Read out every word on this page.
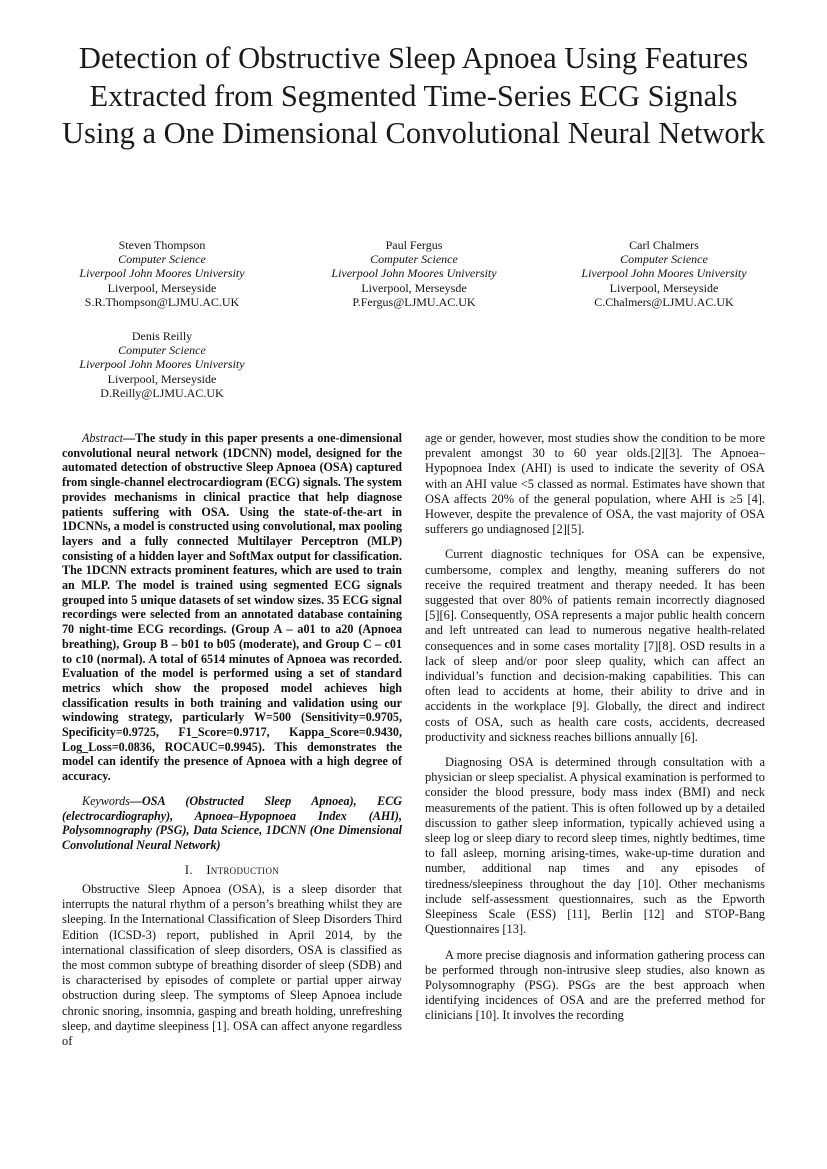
Detection of Obstructive Sleep Apnoea Using Features Extracted from Segmented Time-Series ECG Signals Using a One Dimensional Convolutional Neural Network
Steven Thompson
Computer Science
Liverpool John Moores University
Liverpool, Merseyside
S.R.Thompson@LJMU.AC.UK
Paul Fergus
Computer Science
Liverpool John Moores University
Liverpool, Merseysde
P.Fergus@LJMU.AC.UK
Carl Chalmers
Computer Science
Liverpool John Moores University
Liverpool, Merseyside
C.Chalmers@LJMU.AC.UK
Denis Reilly
Computer Science
Liverpool John Moores University
Liverpool, Merseyside
D.Reilly@LJMU.AC.UK

Abstract—The study in this paper presents a one-dimensional convolutional neural network (1DCNN) model, designed for the automated detection of obstructive Sleep Apnoea (OSA) captured from single-channel electrocardiogram (ECG) signals. The system provides mechanisms in clinical practice that help diagnose patients suffering with OSA. Using the state-of-the-art in 1DCNNs, a model is constructed using convolutional, max pooling layers and a fully connected Multilayer Perceptron (MLP) consisting of a hidden layer and SoftMax output for classification. The 1DCNN extracts prominent features, which are used to train an MLP. The model is trained using segmented ECG signals grouped into 5 unique datasets of set window sizes. 35 ECG signal recordings were selected from an annotated database containing 70 night-time ECG recordings. (Group A – a01 to a20 (Apnoea breathing), Group B – b01 to b05 (moderate), and Group C – c01 to c10 (normal). A total of 6514 minutes of Apnoea was recorded. Evaluation of the model is performed using a set of standard metrics which show the proposed model achieves high classification results in both training and validation using our windowing strategy, particularly W=500 (Sensitivity=0.9705, Specificity=0.9725, F1_Score=0.9717, Kappa_Score=0.9430, Log_Loss=0.0836, ROCAUC=0.9945). This demonstrates the model can identify the presence of Apnoea with a high degree of accuracy.

Keywords—OSA (Obstructed Sleep Apnoea), ECG (electrocardiography), Apnoea–Hypopnoea Index (AHI), Polysomnography (PSG), Data Science, 1DCNN (One Dimensional Convolutional Neural Network)

I. Introduction

Obstructive Sleep Apnoea (OSA), is a sleep disorder that interrupts the natural rhythm of a person’s breathing whilst they are sleeping. In the International Classification of Sleep Disorders Third Edition (ICSD-3) report, published in April 2014, by the international classification of sleep disorders, OSA is classified as the most common subtype of breathing disorder of sleep (SDB) and is characterised by episodes of complete or partial upper airway obstruction during sleep. The symptoms of Sleep Apnoea include chronic snoring, insomnia, gasping and breath holding, unrefreshing sleep, and daytime sleepiness [1]. OSA can affect anyone regardless of

age or gender, however, most studies show the condition to be more prevalent amongst 30 to 60 year olds.[2][3]. The Apnoea–Hypopnoea Index (AHI) is used to indicate the severity of OSA with an AHI value <5 classed as normal. Estimates have shown that OSA affects 20% of the general population, where AHI is ≥5 [4]. However, despite the prevalence of OSA, the vast majority of OSA sufferers go undiagnosed [2][5].

Current diagnostic techniques for OSA can be expensive, cumbersome, complex and lengthy, meaning sufferers do not receive the required treatment and therapy needed. It has been suggested that over 80% of patients remain incorrectly diagnosed [5][6]. Consequently, OSA represents a major public health concern and left untreated can lead to numerous negative health-related consequences and in some cases mortality [7][8]. OSD results in a lack of sleep and/or poor sleep quality, which can affect an individual’s function and decision-making capabilities. This can often lead to accidents at home, their ability to drive and in accidents in the workplace [9]. Globally, the direct and indirect costs of OSA, such as health care costs, accidents, decreased productivity and sickness reaches billions annually [6].

Diagnosing OSA is determined through consultation with a physician or sleep specialist. A physical examination is performed to consider the blood pressure, body mass index (BMI) and neck measurements of the patient. This is often followed up by a detailed discussion to gather sleep information, typically achieved using a sleep log or sleep diary to record sleep times, nightly bedtimes, time to fall asleep, morning arising-times, wake-up-time duration and number, additional nap times and any episodes of tiredness/sleepiness throughout the day [10]. Other mechanisms include self-assessment questionnaires, such as the Epworth Sleepiness Scale (ESS) [11], Berlin [12] and STOP-Bang Questionnaires [13].

A more precise diagnosis and information gathering process can be performed through non-intrusive sleep studies, also known as Polysomnography (PSG). PSGs are the best approach when identifying incidences of OSA and are the preferred method for clinicians [10]. It involves the recording
